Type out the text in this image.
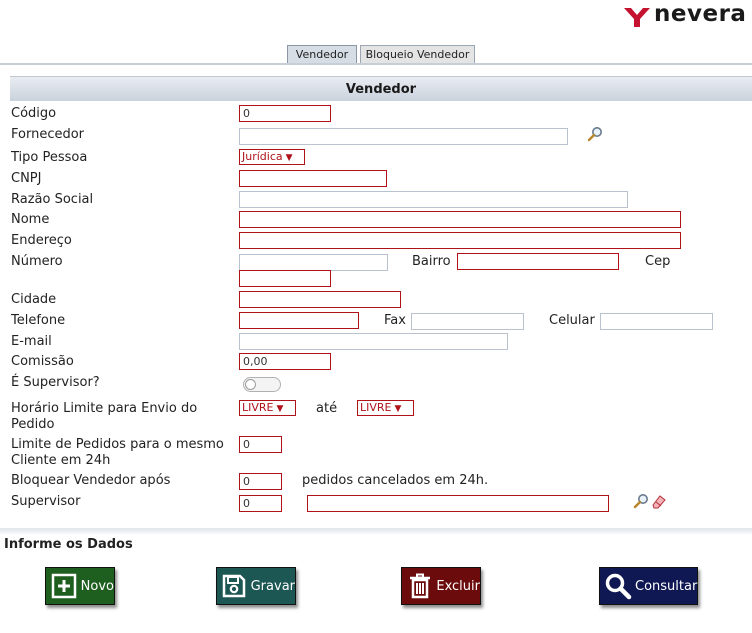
nevera
Vendedor	Bloqueio Vendedor
Vendedor
Código	0
Fornecedor
Tipo Pessoa	Jurídica ▼
CNPJ
Razão Social
Nome
Endereço
Número	Bairro	Cep
Cidade
Telefone	Fax	Celular
E-mail
Comissão	0,00
É Supervisor?
Horário Limite para Envio do
Pedido
LIVRE ▼	até LIVRE ▼
Limite de Pedidos para o mesmo
Cliente em 24h
0
Bloquear Vendedor após	0	pedidos cancelados em 24h.
Supervisor	0
Informe os Dados
Novo	Gravar	Excluir	Consultar
